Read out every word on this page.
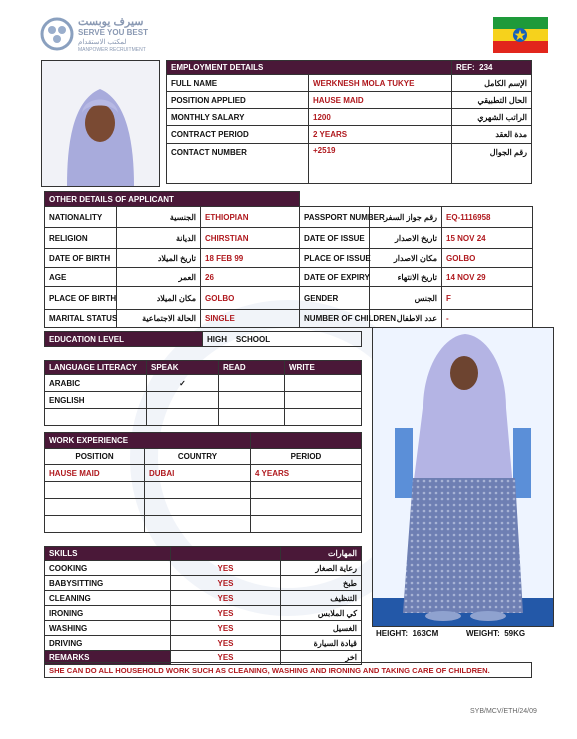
سيرف يوبست
SERVE YOU BEST
لمكتب الاستقدام
MANPOWER RECRUITMENT
EMPLOYMENT DETAILS		REF: 234
FULL NAME	WERKNESH MOLA TUKYE	الإسم الكامل
POSITION APPLIED	HAUSE MAID	الحال التطبيقي
MONTHLY SALARY	1200	الراتب الشهري
CONTRACT PERIOD	2 YEARS	مدة العقد
CONTACT NUMBER	+2519	رقم الجوال
OTHER DETAILS OF APPLICANT					
NATIONALITY	الجنسية	ETHIOPIAN	PASSPORT NUMBER	رقم جواز السفر	EQ-1116958
RELIGION	الديانة	CHIRSTIAN	DATE OF ISSUE	تاريخ الاصدار	15 NOV 24
DATE OF BIRTH	تاريخ الميلاد	18 FEB 99	PLACE OF ISSUE	مكان الاصدار	GOLBO
AGE	العمر	26	DATE OF EXPIRY	تاريخ الانتهاء	14 NOV 29
PLACE OF BIRTH	مكان الميلاد	GOLBO	GENDER	الجنس	F
MARITAL STATUS	الحالة الاجتماعية	SINGLE	NUMBER OF CHILDREN	عدد الاطفال	-
EDUCATION LEVEL	HIGH    SCHOOL
LANGUAGE LITERACY	SPEAK	READ	WRITE
ARABIC	✓		
ENGLISH			

WORK EXPERIENCE		
POSITION	COUNTRY	PERIOD
HAUSE MAID	DUBAI	4 YEARS

HEIGHT: 163CM	WEIGHT: 59KG
SKILLS		المهارات
COOKING	YES	رعاية الصغار
BABYSITTING	YES	طبخ
CLEANING	YES	التنظيف
IRONING	YES	كي الملابس
WASHING	YES	الغسيل
DRIVING	YES	قيادة السيارة
REMARKS	YES	اخر
SHE CAN DO ALL HOUSEHOLD WORK SUCH AS CLEANING, WASHING AND IRONING AND TAKING CARE OF CHILDREN.
SYB/MCV/ETH/24/09
